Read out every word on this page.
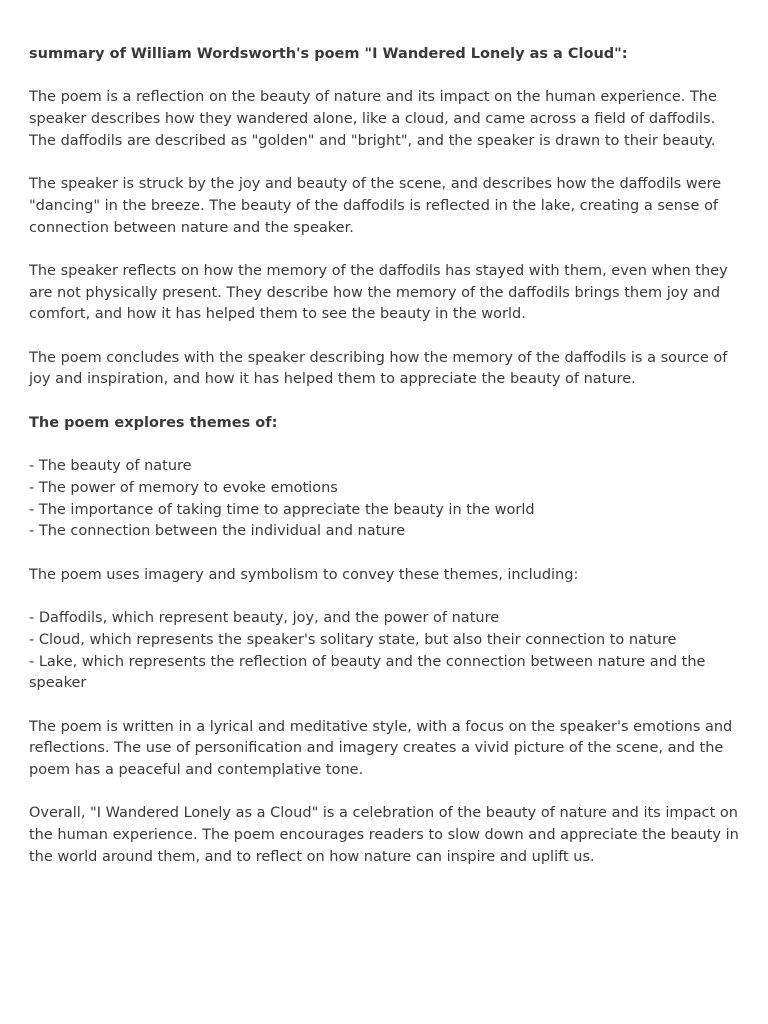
summary of William Wordsworth's poem "I Wandered Lonely as a Cloud":

The poem is a reflection on the beauty of nature and its impact on the human experience. The speaker describes how they wandered alone, like a cloud, and came across a field of daffodils. The daffodils are described as "golden" and "bright", and the speaker is drawn to their beauty.

The speaker is struck by the joy and beauty of the scene, and describes how the daffodils were "dancing" in the breeze. The beauty of the daffodils is reflected in the lake, creating a sense of connection between nature and the speaker.

The speaker reflects on how the memory of the daffodils has stayed with them, even when they are not physically present. They describe how the memory of the daffodils brings them joy and comfort, and how it has helped them to see the beauty in the world.

The poem concludes with the speaker describing how the memory of the daffodils is a source of joy and inspiration, and how it has helped them to appreciate the beauty of nature.

The poem explores themes of:

- The beauty of nature
- The power of memory to evoke emotions
- The importance of taking time to appreciate the beauty in the world
- The connection between the individual and nature

The poem uses imagery and symbolism to convey these themes, including:

- Daffodils, which represent beauty, joy, and the power of nature
- Cloud, which represents the speaker's solitary state, but also their connection to nature
- Lake, which represents the reflection of beauty and the connection between nature and the speaker

The poem is written in a lyrical and meditative style, with a focus on the speaker's emotions and reflections. The use of personification and imagery creates a vivid picture of the scene, and the poem has a peaceful and contemplative tone.

Overall, "I Wandered Lonely as a Cloud" is a celebration of the beauty of nature and its impact on the human experience. The poem encourages readers to slow down and appreciate the beauty in the world around them, and to reflect on how nature can inspire and uplift us.
